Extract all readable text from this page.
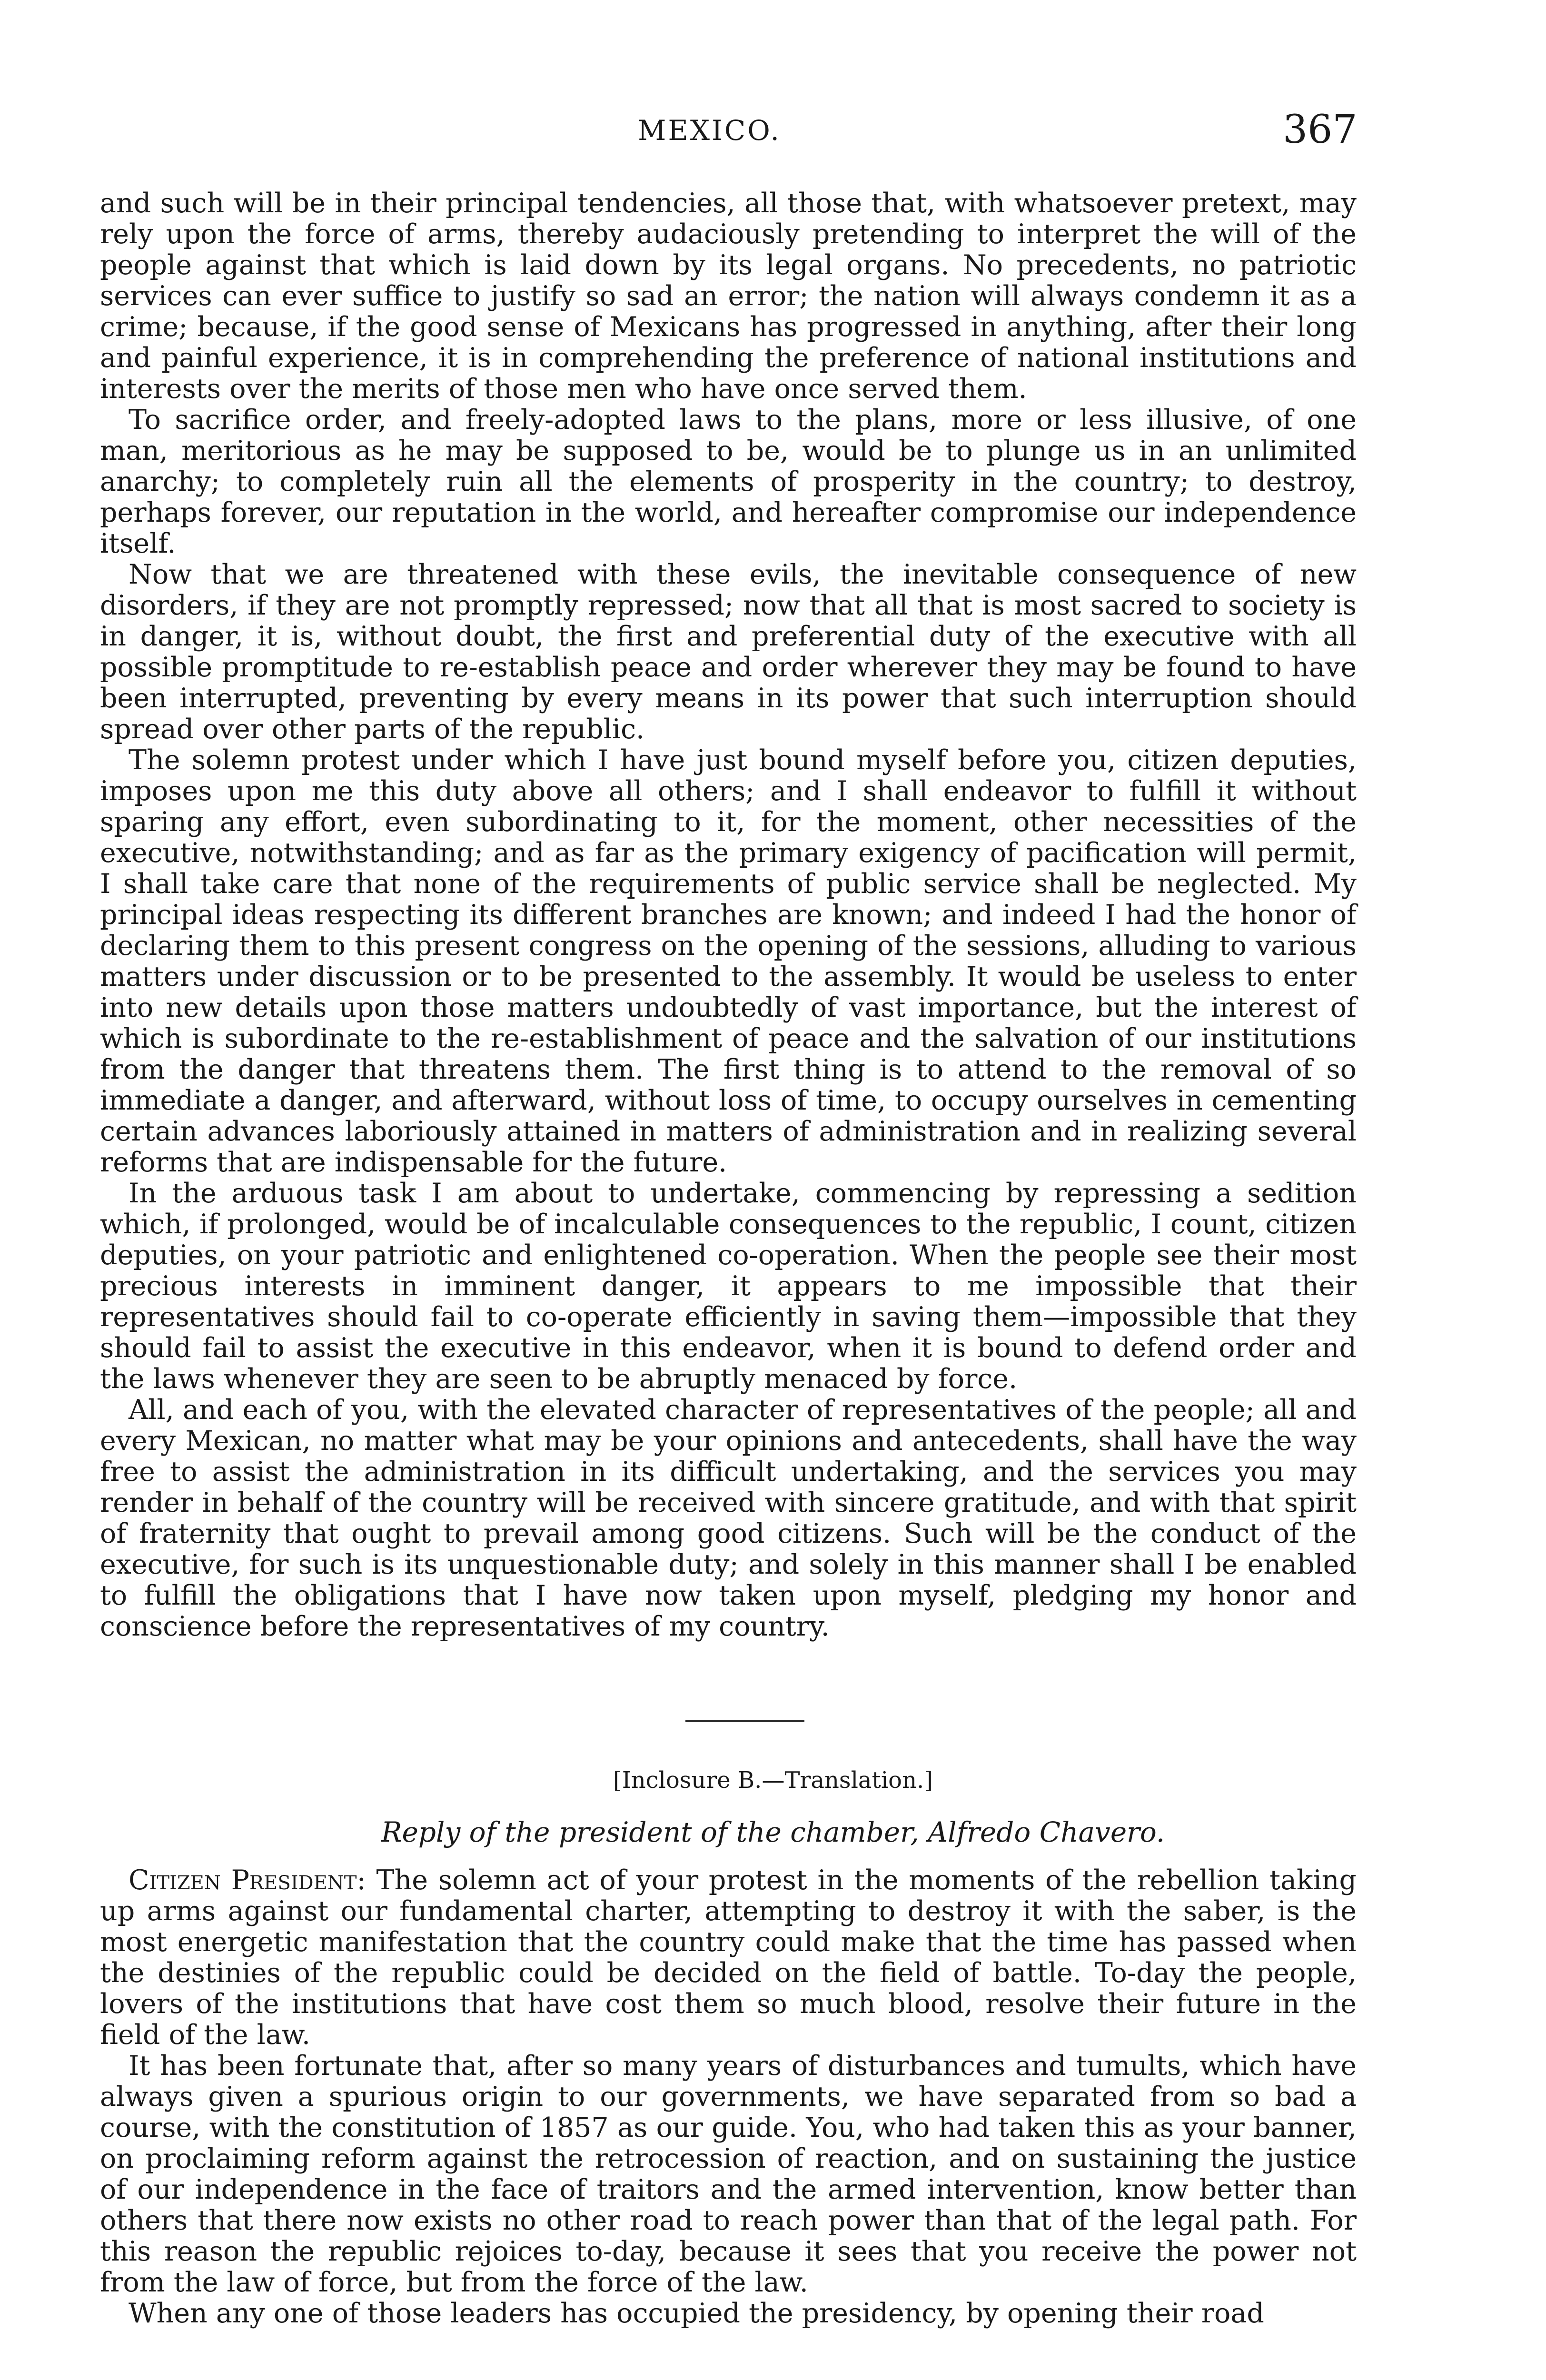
MEXICO.	367

and such will be in their principal tendencies, all those that, with whatsoever pretext, may rely upon the force of arms, thereby audaciously pretending to interpret the will of the people against that which is laid down by its legal organs. No precedents, no patriotic services can ever suffice to justify so sad an error; the nation will always condemn it as a crime; because, if the good sense of Mexicans has progressed in anything, after their long and painful experience, it is in comprehending the preference of national institutions and interests over the merits of those men who have once served them.

To sacrifice order, and freely-adopted laws to the plans, more or less illusive, of one man, meritorious as he may be supposed to be, would be to plunge us in an unlimited anarchy; to completely ruin all the elements of prosperity in the country; to destroy, perhaps forever, our reputation in the world, and hereafter compromise our independence itself.

Now that we are threatened with these evils, the inevitable consequence of new disorders, if they are not promptly repressed; now that all that is most sacred to society is in danger, it is, without doubt, the first and preferential duty of the executive with all possible promptitude to re-establish peace and order wherever they may be found to have been interrupted, preventing by every means in its power that such interruption should spread over other parts of the republic.

The solemn protest under which I have just bound myself before you, citizen deputies, imposes upon me this duty above all others; and I shall endeavor to fulfill it without sparing any effort, even subordinating to it, for the moment, other necessities of the executive, notwithstanding; and as far as the primary exigency of pacification will permit, I shall take care that none of the requirements of public service shall be neglected. My principal ideas respecting its different branches are known; and indeed I had the honor of declaring them to this present congress on the opening of the sessions, alluding to various matters under discussion or to be presented to the assembly. It would be useless to enter into new details upon those matters undoubtedly of vast importance, but the interest of which is subordinate to the re-establishment of peace and the salvation of our institutions from the danger that threatens them. The first thing is to attend to the removal of so immediate a danger, and afterward, without loss of time, to occupy ourselves in cementing certain advances laboriously attained in matters of administration and in realizing several reforms that are indispensable for the future.

In the arduous task I am about to undertake, commencing by repressing a sedition which, if prolonged, would be of incalculable consequences to the republic, I count, citizen deputies, on your patriotic and enlightened co-operation. When the people see their most precious interests in imminent danger, it appears to me impossible that their representatives should fail to co-operate efficiently in saving them—impossible that they should fail to assist the executive in this endeavor, when it is bound to defend order and the laws whenever they are seen to be abruptly menaced by force.

All, and each of you, with the elevated character of representatives of the people; all and every Mexican, no matter what may be your opinions and antecedents, shall have the way free to assist the administration in its difficult undertaking, and the services you may render in behalf of the country will be received with sincere gratitude, and with that spirit of fraternity that ought to prevail among good citizens. Such will be the conduct of the executive, for such is its unquestionable duty; and solely in this manner shall I be enabled to fulfill the obligations that I have now taken upon myself, pledging my honor and conscience before the representatives of my country.

[Inclosure B.—Translation.]
Reply of the president of the chamber, Alfredo Chavero.

Citizen President: The solemn act of your protest in the moments of the rebellion taking up arms against our fundamental charter, attempting to destroy it with the saber, is the most energetic manifestation that the country could make that the time has passed when the destinies of the republic could be decided on the field of battle. To-day the people, lovers of the institutions that have cost them so much blood, resolve their future in the field of the law.

It has been fortunate that, after so many years of disturbances and tumults, which have always given a spurious origin to our governments, we have separated from so bad a course, with the constitution of 1857 as our guide. You, who had taken this as your banner, on proclaiming reform against the retrocession of reaction, and on sustaining the justice of our independence in the face of traitors and the armed intervention, know better than others that there now exists no other road to reach power than that of the legal path. For this reason the republic rejoices to-day, because it sees that you receive the power not from the law of force, but from the force of the law.

When any one of those leaders has occupied the presidency, by opening their road
